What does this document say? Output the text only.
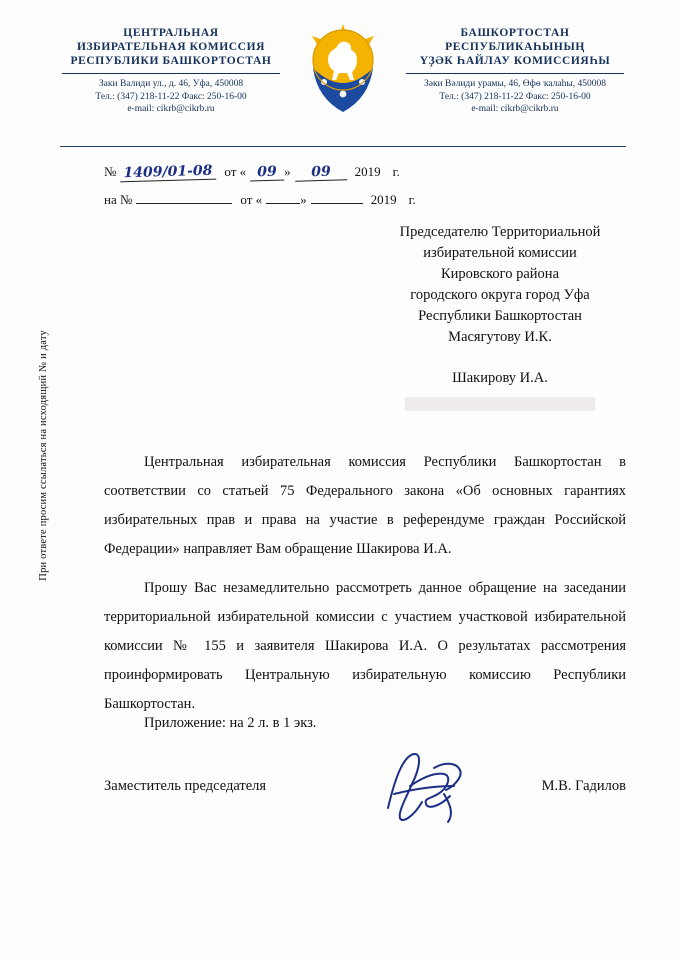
ЦЕНТРАЛЬНАЯ
ИЗБИРАТЕЛЬНАЯ КОМИССИЯ
РЕСПУБЛИКИ БАШКОРТОСТАН
Заки Валиди ул., д. 46, Уфа, 450008
Тел.: (347) 218-11-22 Факс: 250-16-00
e-mail: cikrb@cikrb.ru
БАШКОРТОСТАН
РЕСПУБЛИКАҺЫНЫҢ
ҮҘӘК ҺАЙЛАУ КОМИССИЯҺЫ
Зәки Вәлиди урамы, 46, Өфө ҡалаһы, 450008
Тел.: (347) 218-11-22 Факс: 250-16-00
e-mail: cikrb@cikrb.ru
№ 1409/01-08 от « 09 »	09	2019 г.
на №	от «	»	2019 г.
Председателю Территориальной
избирательной комиссии
Кировского района
городского округа город Уфа
Республики Башкортостан
Масягутову И.К.
Шакирову И.А.

Центральная избирательная комиссия Республики Башкортостан в соответствии со статьей 75 Федерального закона «Об основных гарантиях избирательных прав и права на участие в референдуме граждан Российской Федерации» направляет Вам обращение Шакирова И.А.

Прошу Вас незамедлительно рассмотреть данное обращение на заседании территориальной избирательной комиссии с участием участковой избирательной комиссии № 155 и заявителя Шакирова И.А. О результатах рассмотрения проинформировать Центральную избирательную комиссию Республики Башкортостан.

Приложение: на 2 л. в 1 экз.
Заместитель председателя	М.В. Гадилов
При ответе просим ссылаться на исходящий № и дату
